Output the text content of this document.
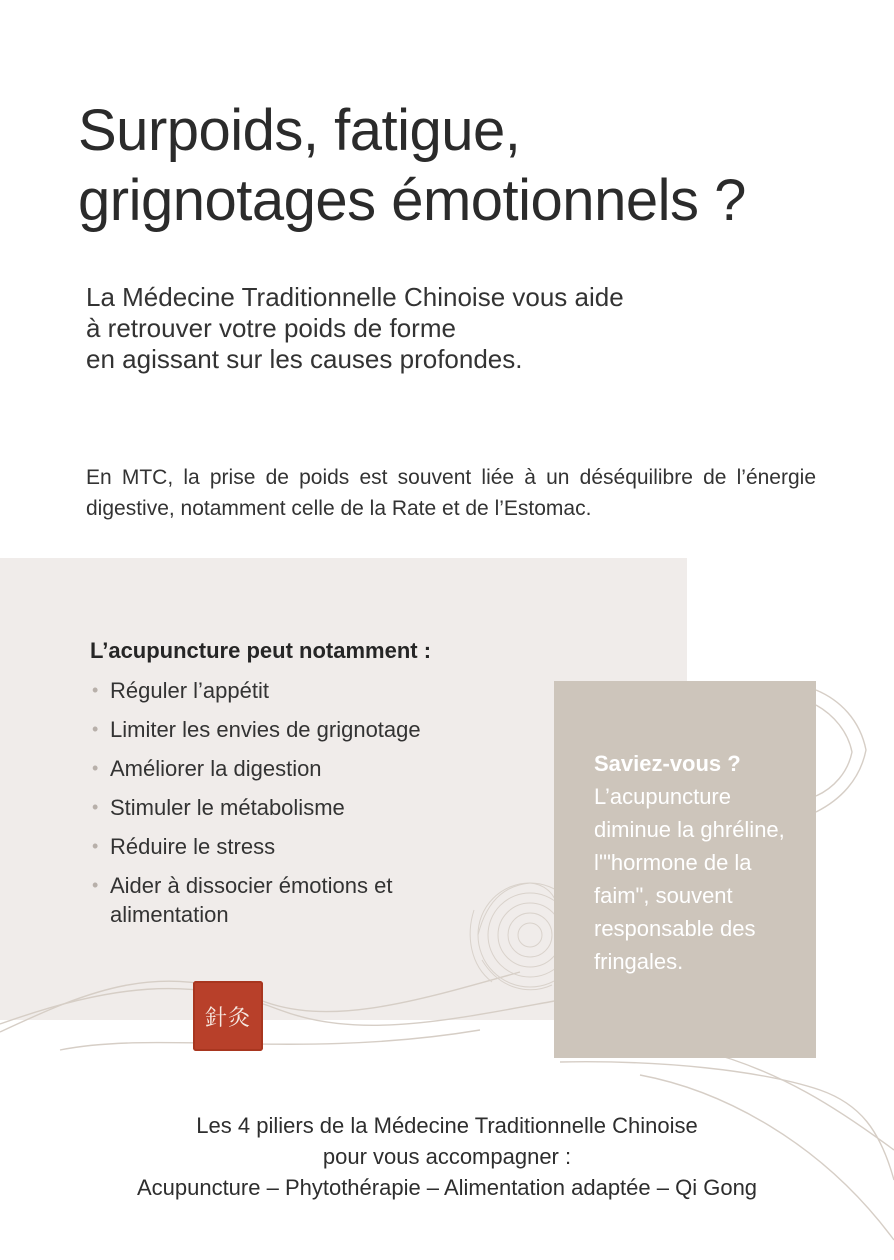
Surpoids, fatigue,
grignotages émotionnels ?
La Médecine Traditionnelle Chinoise vous aide
à retrouver votre poids de forme
en agissant sur les causes profondes.

En MTC, la prise de poids est souvent liée à un déséquilibre de l’énergie digestive, notamment celle de la Rate et de l’Estomac.

L’acupuncture peut notamment :
• Réguler l’appétit
• Limiter les envies de grignotage
• Améliorer la digestion
• Stimuler le métabolisme
• Réduire le stress
• Aider à dissocier émotions et alimentation
針灸
Saviez-vous ?
L’acupuncture diminue la ghréline, l'"hormone de la faim", souvent responsable des fringales.
Les 4 piliers de la Médecine Traditionnelle Chinoise
pour vous accompagner :
Acupuncture – Phytothérapie – Alimentation adaptée – Qi Gong
